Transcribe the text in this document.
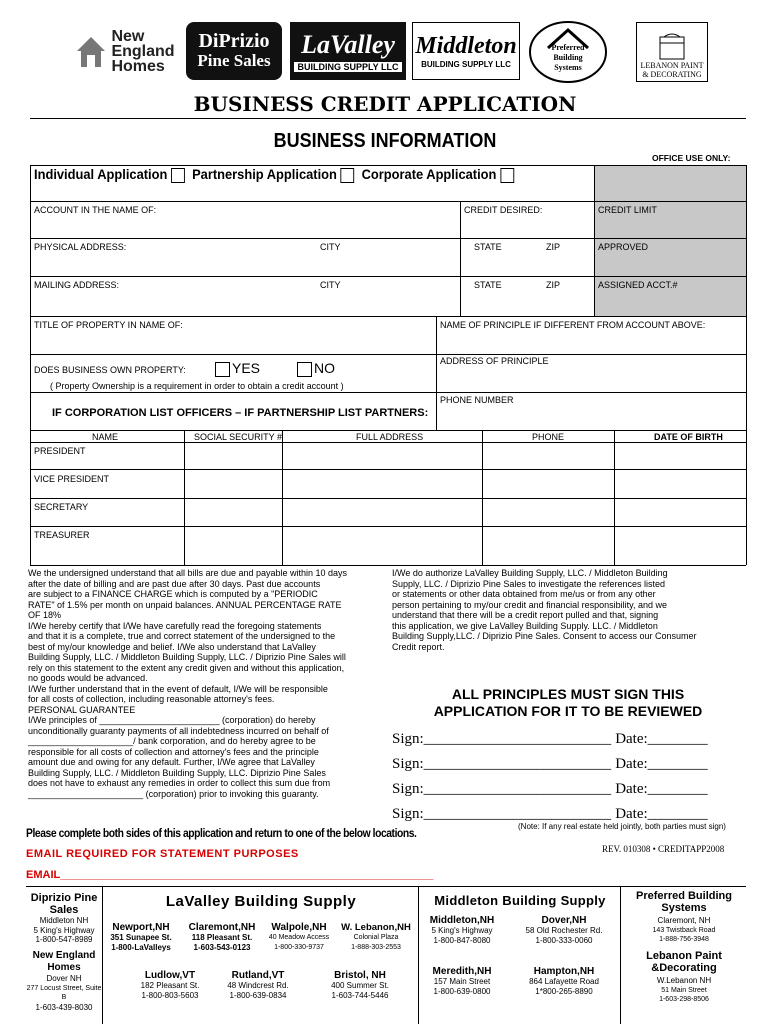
New
England
Homes
DiPrizio
Pine Sales
LaValley
BUILDING SUPPLY LLC
Middleton
BUILDING SUPPLY LLC
Preferred
Building
Systems	LEBANON PAINT
& DECORATING
BUSINESS CREDIT APPLICATION
BUSINESS INFORMATION
OFFICE USE ONLY:
Individual Application Partnership Application Corporate Application
ACCOUNT IN THE NAME OF:	CREDIT DESIRED:	CREDIT LIMIT
PHYSICAL ADDRESS:	CITY	STATE	ZIP	APPROVED
MAILING ADDRESS:	CITY	STATE	ZIP	ASSIGNED ACCT.#
TITLE OF PROPERTY IN NAME OF:	NAME OF PRINCIPLE IF DIFFERENT FROM ACCOUNT ABOVE:
DOES BUSINESS OWN PROPERTY:	YES	NO
( Property Ownership is a requirement in order to obtain a credit account )
ADDRESS OF PRINCIPLE
PHONE NUMBER
IF CORPORATION LIST OFFICERS – IF PARTNERSHIP LIST PARTNERS:
NAME	SOCIAL SECURITY #	FULL ADDRESS	PHONE	DATE OF BIRTH
PRESIDENT
VICE PRESIDENT
SECRETARY
TREASURER
We the undersigned understand that all bills are due and payable within 10 days
after the date of billing and are past due after 30 days. Past due accounts
are subject to a FINANCE CHARGE which is computed by a "PERIODIC
RATE" of 1.5% per month on unpaid balances. ANNUAL PERCENTAGE RATE
OF 18%
I/We hereby certify that I/We have carefully read the foregoing statements
and that it is a complete, true and correct statement of the undersigned to the
best of my/our knowledge and belief. I/We also understand that LaValley
Building Supply, LLC. / Middleton Building Supply, LLC. / Diprizio Pine Sales will
rely on this statement to the extent any credit given and without this application,
no goods would be advanced.
I/We further understand that in the event of default, I/We will be responsible
for all costs of collection, including reasonable attorney's fees.
PERSONAL GUARANTEE
I/We principles of ________________________ (corporation) do hereby
unconditionally guaranty payments of all indebtedness incurred on behalf of
_____________________/ bank corporation, and do hereby agree to be
responsible for all costs of collection and attorney's fees and the principle
amount due and owing for any default. Further, I/We agree that LaValley
Building Supply, LLC. / Middleton Building Supply, LLC. Diprizio Pine Sales
does not have to exhaust any remedies in order to collect this sum due from
_______________________ (corporation) prior to invoking this guaranty.
I/We do authorize LaValley Building Supply, LLC. / Middleton Building
Supply, LLC. / Diprizio Pine Sales to investigate the references listed
or statements or other data obtained from me/us or from any other
person pertaining to my/our credit and financial responsibility, and we
understand that there will be a credit report pulled and that, signing
this application, we give LaValley Building Supply. LLC. / Middleton
Building Supply,LLC. / Diprizio Pine Sales. Consent to access our Consumer
Credit report.
ALL PRINCIPLES MUST SIGN THIS
APPLICATION FOR IT TO BE REVIEWED
Sign:_________________________ Date:________
Sign:_________________________ Date:________
Sign:_________________________ Date:________
Sign:_________________________ Date:________
(Note: If any real estate held jointly, both parties must sign)
Please complete both sides of this application and return to one of the below locations.
REV. 010308 • CREDITAPP2008
EMAIL REQUIRED FOR STATEMENT PURPOSES
EMAIL_____________________________________________________________
Diprizio Pine Sales
Middleton NH
5 King's Highway
1-800-547-8989
New England Homes
Dover NH
277 Locust Street, Suite B
1-603-439-8030
LaValley Building Supply
Newport,NH
351 Sunapee St.
1-800-LaValleys
Claremont,NH
118 Pleasant St.
1-603-543-0123
Walpole,NH
40 Meadow Access
1-800-330-9737
W. Lebanon,NH
Colonial Plaza
1-888-303-2553
Ludlow,VT
182 Pleasant St.
1-800-803-5603
Rutland,VT
48 Windcrest Rd.
1-800-639-0834
Bristol, NH
400 Summer St.
1-603-744-5446
Middleton Building Supply
Middleton,NH
5 King's Highway
1-800-847-8080
Dover,NH
58 Old Rochester Rd.
1-800-333-0060
Meredith,NH
157 Main Street
1-800-639-0800
Hampton,NH
864 Lafayette Road
1*800-265-8890
Preferred Building Systems
Claremont, NH
143 Twistback Road
1-888-756-3948
Lebanon Paint &Decorating
W.Lebanon NH
51 Main Street
1-603-298-8506
